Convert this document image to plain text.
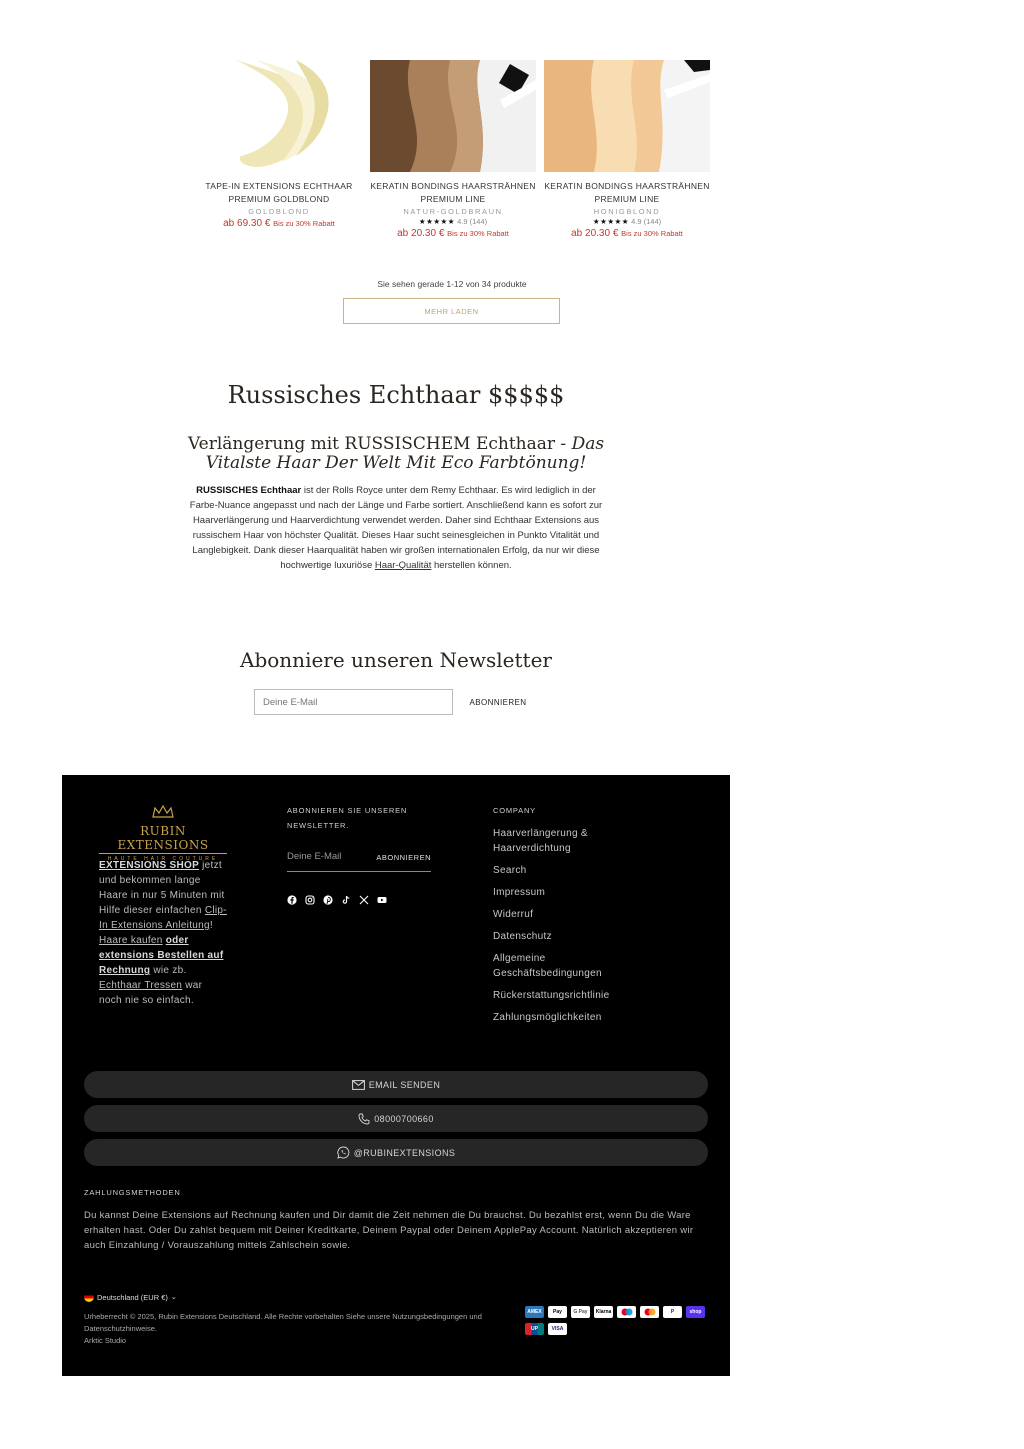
TAPE-IN EXTENSIONS ECHTHAAR PREMIUM GOLDBLOND
GOLDBLOND
ab 69.30 € Bis zu 30% Rabatt
KERATIN BONDINGS HAARSTRÄHNEN PREMIUM LINE
NATUR-GOLDBRAUN
★★★★★ 4.9 (144)
ab 20.30 € Bis zu 30% Rabatt
KERATIN BONDINGS HAARSTRÄHNEN PREMIUM LINE
HONIGBLOND
★★★★★ 4.9 (144)
ab 20.30 € Bis zu 30% Rabatt
Sie sehen gerade 1-12 von 34 produkte
MEHR LADEN
Russisches Echthaar $$$$$
Verlängerung mit RUSSISCHEM Echthaar - Das Vitalste Haar Der Welt Mit Eco Farbtönung!
RUSSISCHES Echthaar ist der Rolls Royce unter dem Remy Echthaar. Es wird lediglich in der Farbe-Nuance angepasst und nach der Länge und Farbe sortiert. Anschließend kann es sofort zur Haarverlängerung und Haarverdichtung verwendet werden. Daher sind Echthaar Extensions aus russischem Haar von höchster Qualität. Dieses Haar sucht seinesgleichen in Punkto Vitalität und Langlebigkeit. Dank dieser Haarqualität haben wir großen internationalen Erfolg, da nur wir diese hochwertige luxuriöse Haar-Qualität herstellen können.
Abonniere unseren Newsletter
Deine E-Mail
ABONNIEREN
RUBIN EXTENSIONS
HAUTE HAIR COUTURE
EXTENSIONS SHOP jetzt und bekommen lange Haare in nur 5 Minuten mit Hilfe dieser einfachen Clip-In Extensions Anleitung! Haare kaufen oder extensions Bestellen auf Rechnung wie zb. Echthaar Tressen war noch nie so einfach.
ABONNIEREN SIE UNSEREN NEWSLETTER.
Deine E-Mail	ABONNIEREN
COMPANY
Haarverlängerung & Haarverdichtung
Search
Impressum
Widerruf
Datenschutz
Allgemeine Geschäftsbedingungen
Rückerstattungsrichtlinie
Zahlungsmöglichkeiten
EMAIL SENDEN
08000700660
@RUBINEXTENSIONS
ZAHLUNGSMETHODEN
Du kannst Deine Extensions auf Rechnung kaufen und Dir damit die Zeit nehmen die Du brauchst. Du bezahlst erst, wenn Du die Ware erhalten hast. Oder Du zahlst bequem mit Deiner Kreditkarte, Deinem Paypal oder Deinem ApplePay Account. Natürlich akzeptieren wir auch Einzahlung / Vorauszahlung mittels Zahlschein sowie.
Deutschland (EUR €) ⌄
Urheberrecht © 2025, Rubin Extensions Deutschland. Alle Rechte vorbehalten Siehe unsere Nutzungsbedingungen und Datenschutzhinweise.
Arktic Studio
AMEX	Pay	G Pay	Klarna	P	shop
UP	VISA
